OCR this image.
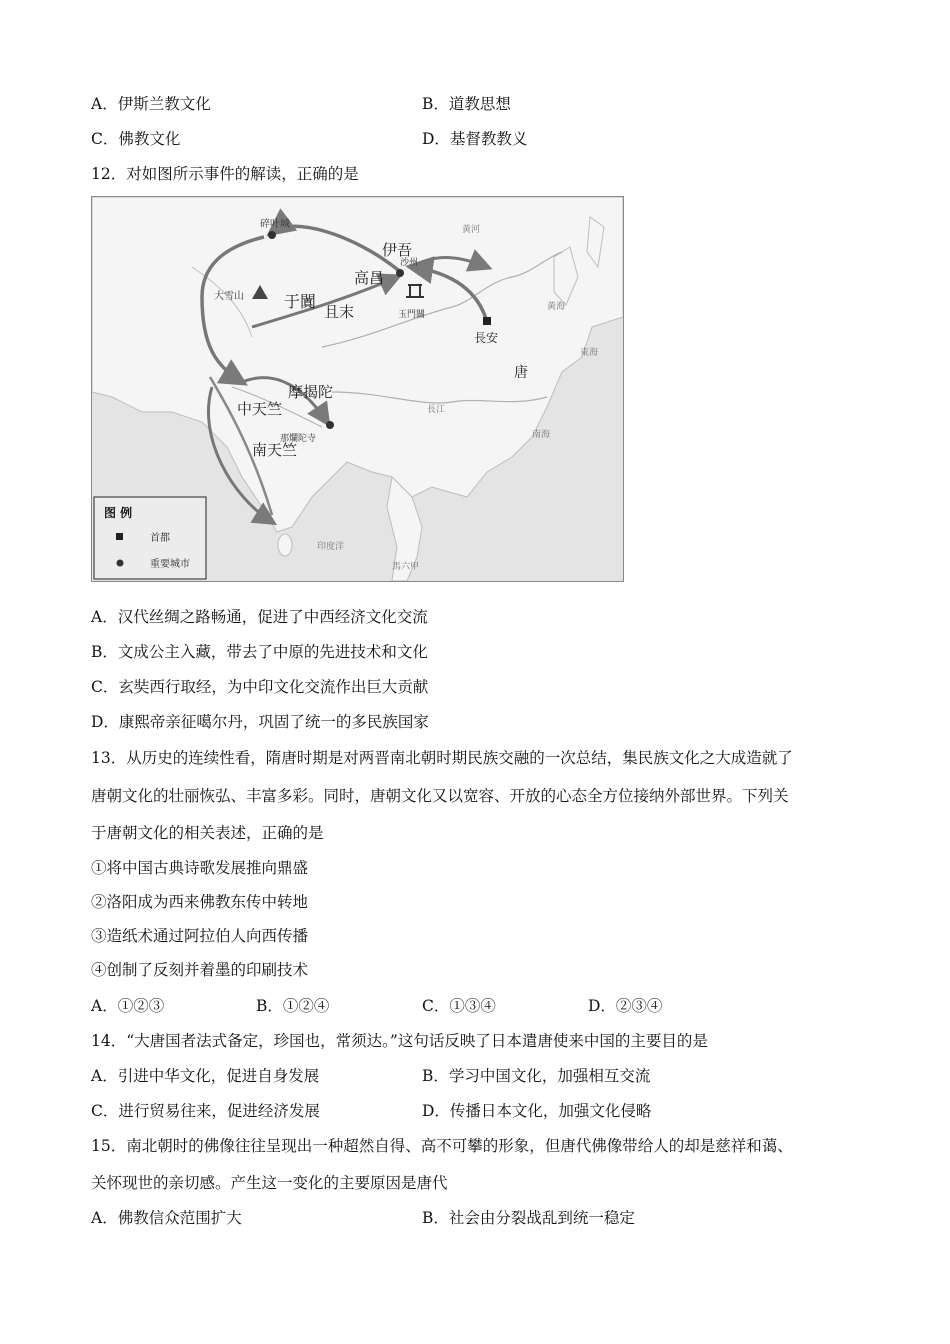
A．伊斯兰教文化	B．道教思想
C．佛教文化	D．基督教教义
12．对如图所示事件的解读，正确的是
碎叶城
伊吾
高昌
沙州
大雪山	于闐
且末	玉門關
長安
唐
摩揭陀
中天竺
那爛陀寺
南天竺
黃河
長江
黃海
東海
南海
印度洋
馬六甲
图 例
首都
重要城市
A．汉代丝绸之路畅通，促进了中西经济文化交流
B．文成公主入藏，带去了中原的先进技术和文化
C．玄奘西行取经，为中印文化交流作出巨大贡献
D．康熙帝亲征噶尔丹，巩固了统一的多民族国家
13．从历史的连续性看，隋唐时期是对两晋南北朝时期民族交融的一次总结，集民族文化之大成造就了
唐朝文化的壮丽恢弘、丰富多彩。同时，唐朝文化又以宽容、开放的心态全方位接纳外部世界。下列关
于唐朝文化的相关表述，正确的是
①将中国古典诗歌发展推向鼎盛
②洛阳成为西来佛教东传中转地
③造纸术通过阿拉伯人向西传播
④创制了反刻并着墨的印刷技术
A．①②③	B．①②④	C．①③④	D．②③④
14．“大唐国者法式备定，珍国也，常须达。”这句话反映了日本遣唐使来中国的主要目的是
A．引进中华文化，促进自身发展	B．学习中国文化，加强相互交流
C．进行贸易往来，促进经济发展	D．传播日本文化，加强文化侵略
15．南北朝时的佛像往往呈现出一种超然自得、高不可攀的形象，但唐代佛像带给人的却是慈祥和蔼、
关怀现世的亲切感。产生这一变化的主要原因是唐代
A．佛教信众范围扩大	B．社会由分裂战乱到统一稳定
